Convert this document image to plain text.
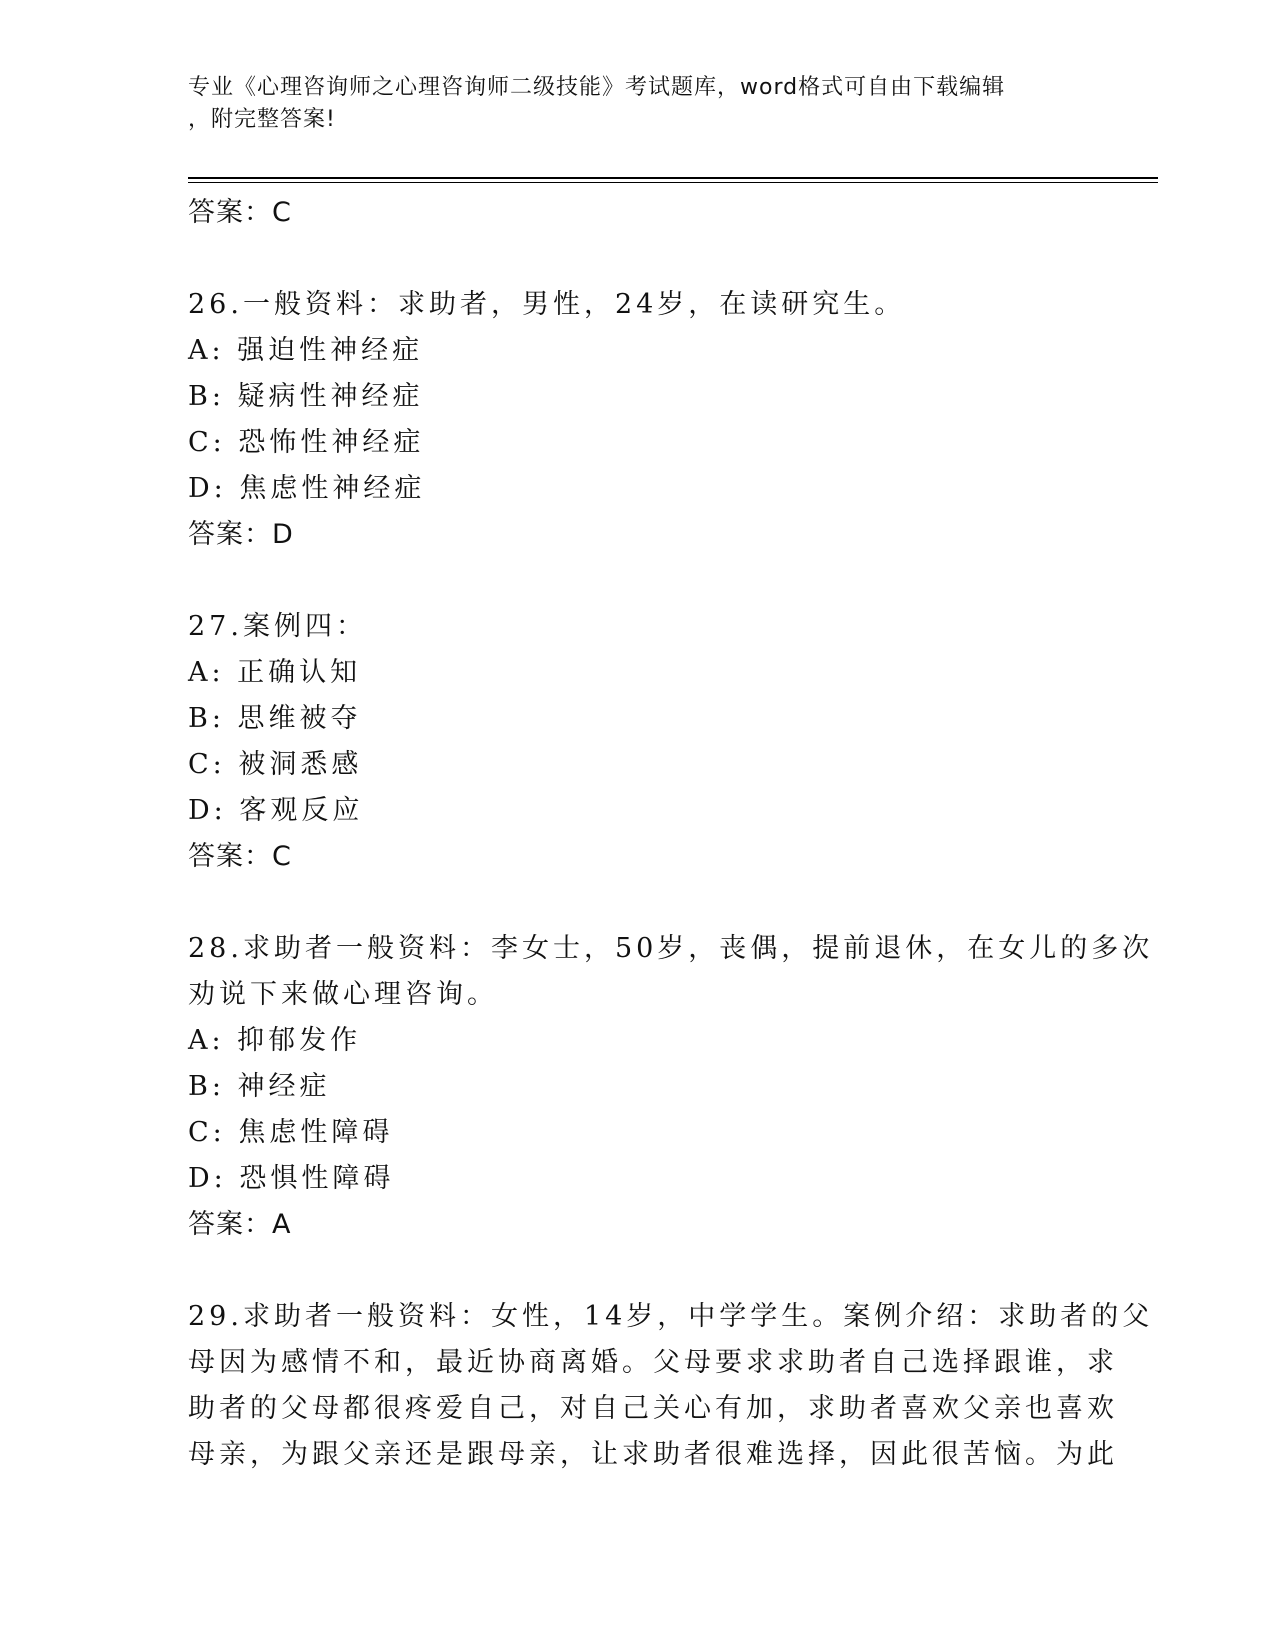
专业《心理咨询师之心理咨询师二级技能》考试题库，word格式可自由下载编辑
，附完整答案!
答案：C
26.一般资料：求助者，男性，24岁，在读研究生。
A: 强迫性神经症
B: 疑病性神经症
C: 恐怖性神经症
D: 焦虑性神经症
答案：D
27.案例四：
A: 正确认知
B: 思维被夺
C: 被洞悉感
D: 客观反应
答案：C
28.求助者一般资料：李女士，50岁，丧偶，提前退休，在女儿的多次
劝说下来做心理咨询。
A: 抑郁发作
B: 神经症
C: 焦虑性障碍
D: 恐惧性障碍
答案：A
29.求助者一般资料：女性，14岁，中学学生。案例介绍：求助者的父
母因为感情不和，最近协商离婚。父母要求求助者自己选择跟谁，求
助者的父母都很疼爱自己，对自己关心有加，求助者喜欢父亲也喜欢
母亲，为跟父亲还是跟母亲，让求助者很难选择，因此很苦恼。为此
